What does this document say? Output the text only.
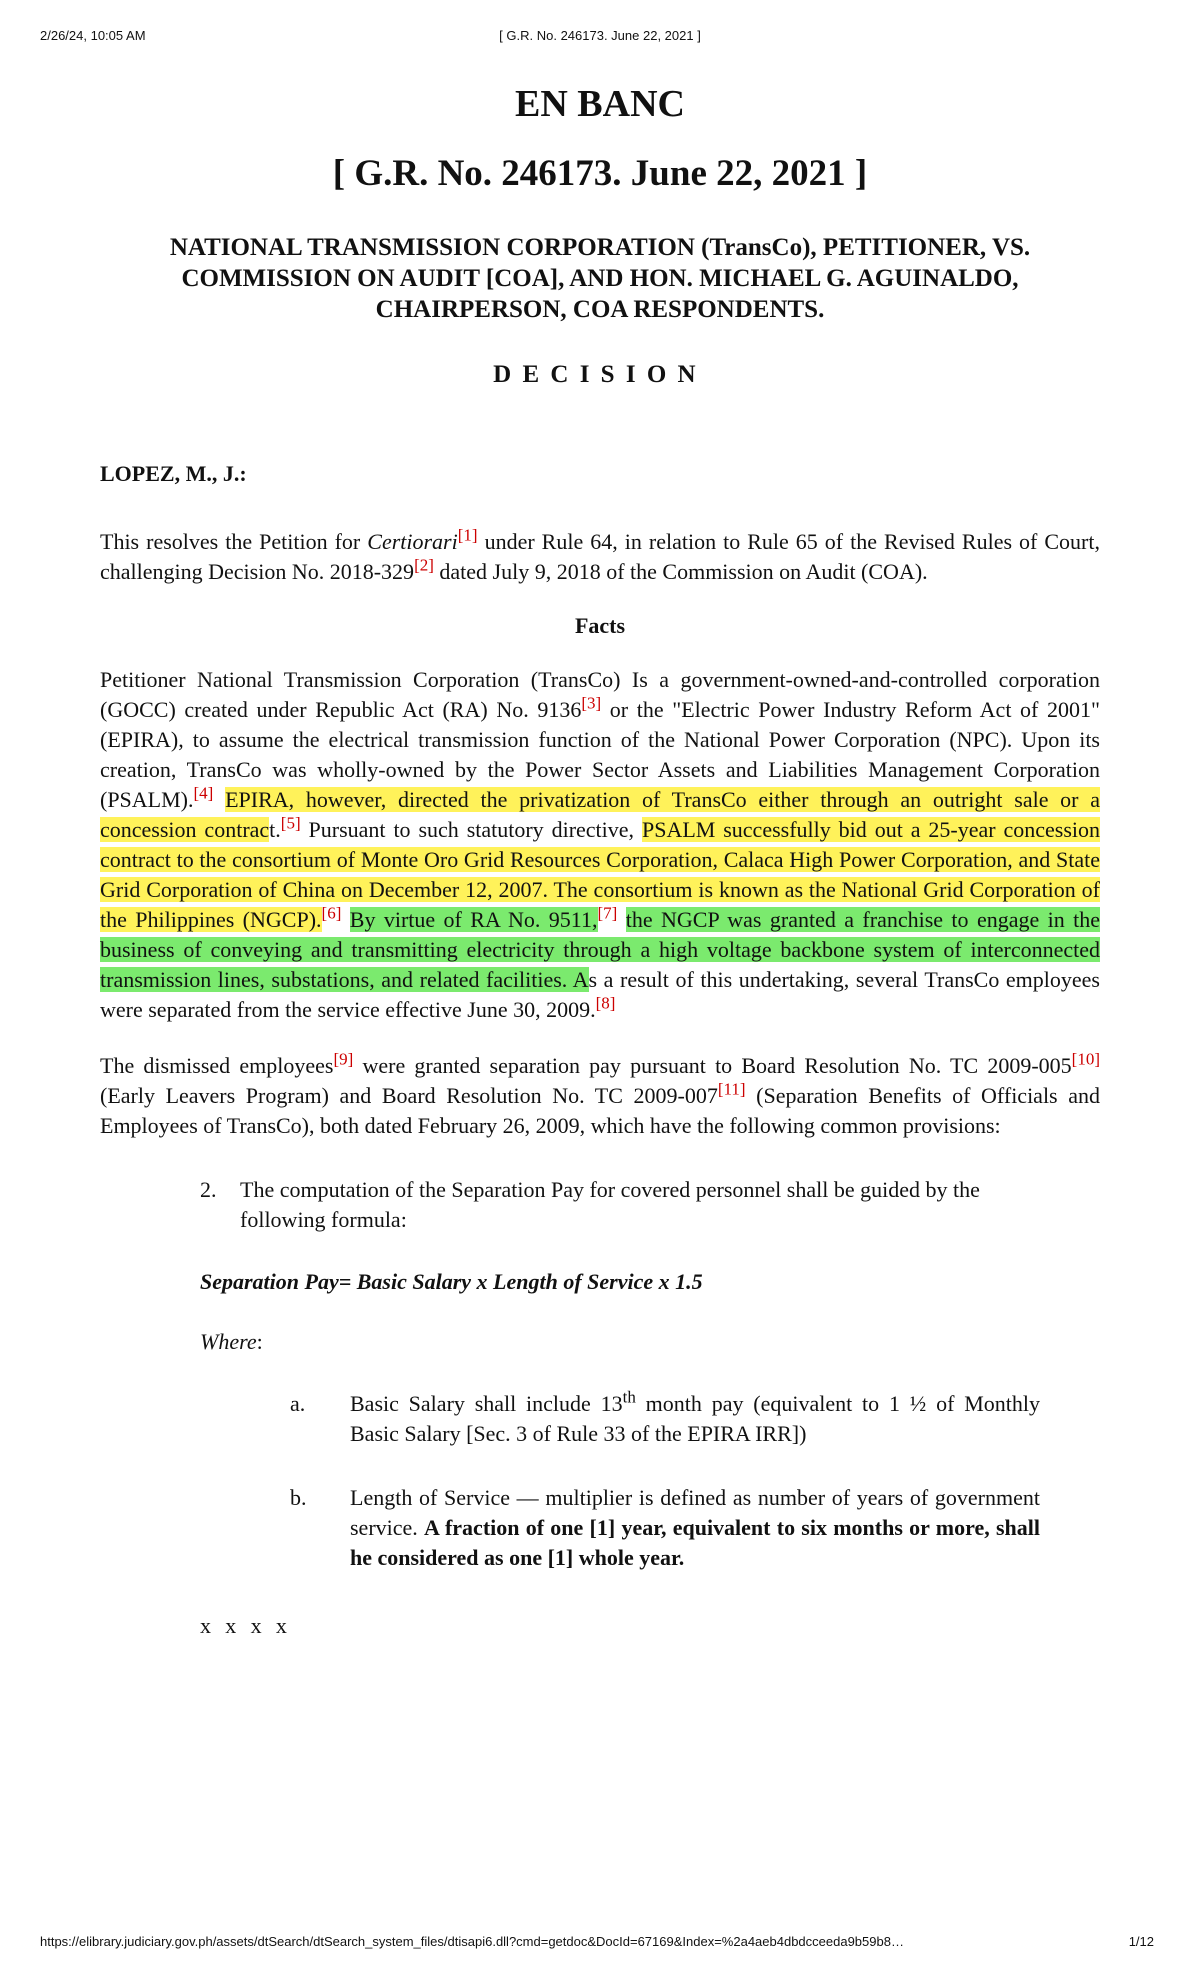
2/26/24, 10:05 AM	[ G.R. No. 246173. June 22, 2021 ]
EN BANC
[ G.R. No. 246173. June 22, 2021 ]
NATIONAL TRANSMISSION CORPORATION (TransCo), PETITIONER, VS. COMMISSION ON AUDIT [COA], AND HON. MICHAEL G. AGUINALDO, CHAIRPERSON, COA RESPONDENTS.
DECISION
LOPEZ, M., J.:

This resolves the Petition for Certiorari[1] under Rule 64, in relation to Rule 65 of the Revised Rules of Court, challenging Decision No. 2018-329[2] dated July 9, 2018 of the Commission on Audit (COA).

Facts

Petitioner National Transmission Corporation (TransCo) Is a government-owned-and-controlled corporation (GOCC) created under Republic Act (RA) No. 9136[3] or the "Electric Power Industry Reform Act of 2001" (EPIRA), to assume the electrical transmission function of the National Power Corporation (NPC). Upon its creation, TransCo was wholly-owned by the Power Sector Assets and Liabilities Management Corporation (PSALM).[4] EPIRA, however, directed the privatization of TransCo either through an outright sale or a concession contract.[5] Pursuant to such statutory directive, PSALM successfully bid out a 25-year concession contract to the consortium of Monte Oro Grid Resources Corporation, Calaca High Power Corporation, and State Grid Corporation of China on December 12, 2007. The consortium is known as the National Grid Corporation of the Philippines (NGCP).[6] By virtue of RA No. 9511,[7] the NGCP was granted a franchise to engage in the business of conveying and transmitting electricity through a high voltage backbone system of interconnected transmission lines, substations, and related facilities. As a result of this undertaking, several TransCo employees were separated from the service effective June 30, 2009.[8]

The dismissed employees[9] were granted separation pay pursuant to Board Resolution No. TC 2009-005[10] (Early Leavers Program) and Board Resolution No. TC 2009-007[11] (Separation Benefits of Officials and Employees of TransCo), both dated February 26, 2009, which have the following common provisions:

2. The computation of the Separation Pay for covered personnel shall be guided by the following formula:
Separation Pay= Basic Salary x Length of Service x 1.5
Where:
a. Basic Salary shall include 13th month pay (equivalent to 1 ½ of Monthly Basic Salary [Sec. 3 of Rule 33 of the EPIRA IRR])
b. Length of Service — multiplier is defined as number of years of government service. A fraction of one [1] year, equivalent to six months or more, shall he considered as one [1] whole year.
x x x x
https://elibrary.judiciary.gov.ph/assets/dtSearch/dtSearch_system_files/dtisapi6.dll?cmd=getdoc&DocId=67169&Index=%2a4aeb4dbdcceeda9b59b8…	1/12
